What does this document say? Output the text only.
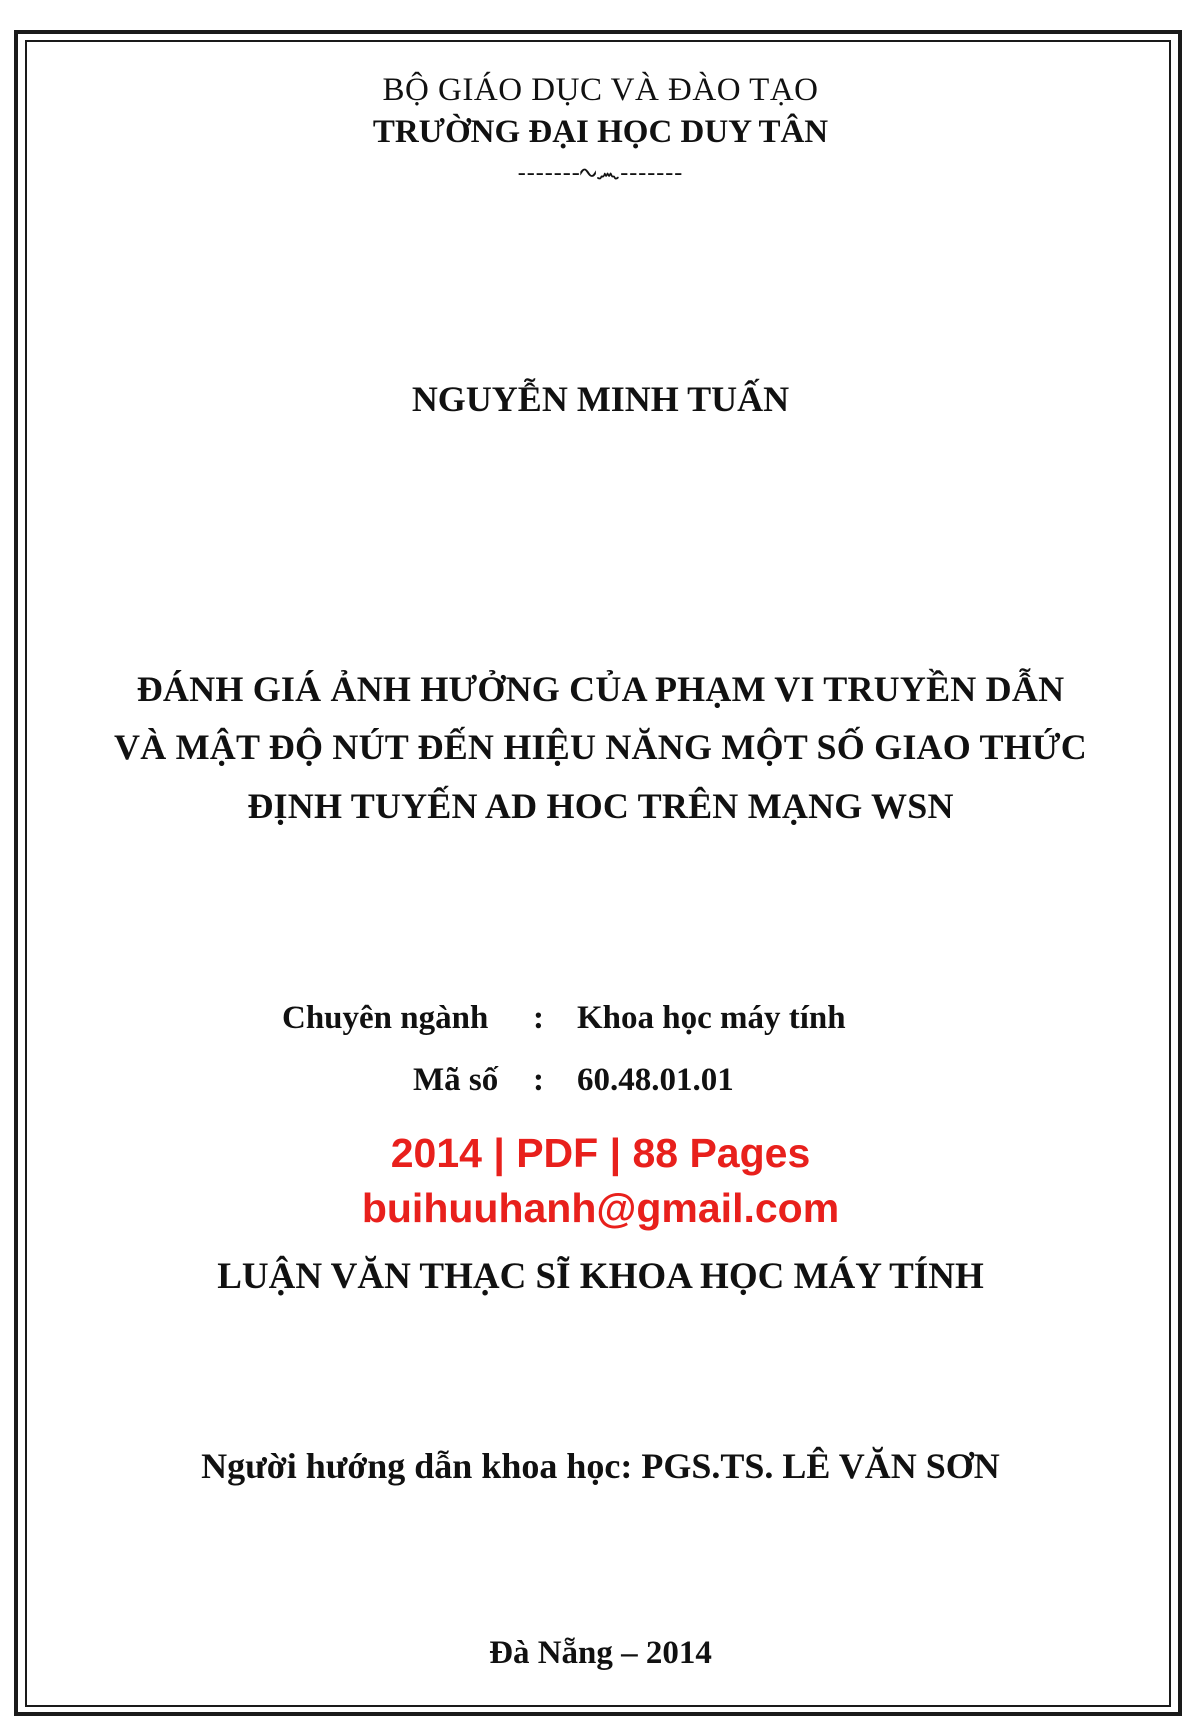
BỘ GIÁO DỤC VÀ ĐÀO TẠO
TRƯỜNG ĐẠI HỌC DUY TÂN
-------∿෴-------
NGUYỄN MINH TUẤN
ĐÁNH GIÁ ẢNH HƯỞNG CỦA PHẠM VI TRUYỀN DẪN
VÀ MẬT ĐỘ NÚT ĐẾN HIỆU NĂNG MỘT SỐ GIAO THỨC
ĐỊNH TUYẾN AD HOC TRÊN MẠNG WSN
Chuyên ngành : Khoa học máy tính
Mã số : 60.48.01.01
2014 | PDF | 88 Pages
buihuuhanh@gmail.com
LUẬN VĂN THẠC SĨ KHOA HỌC MÁY TÍNH
Người hướng dẫn khoa học: PGS.TS. LÊ VĂN SƠN
Đà Nẵng – 2014
